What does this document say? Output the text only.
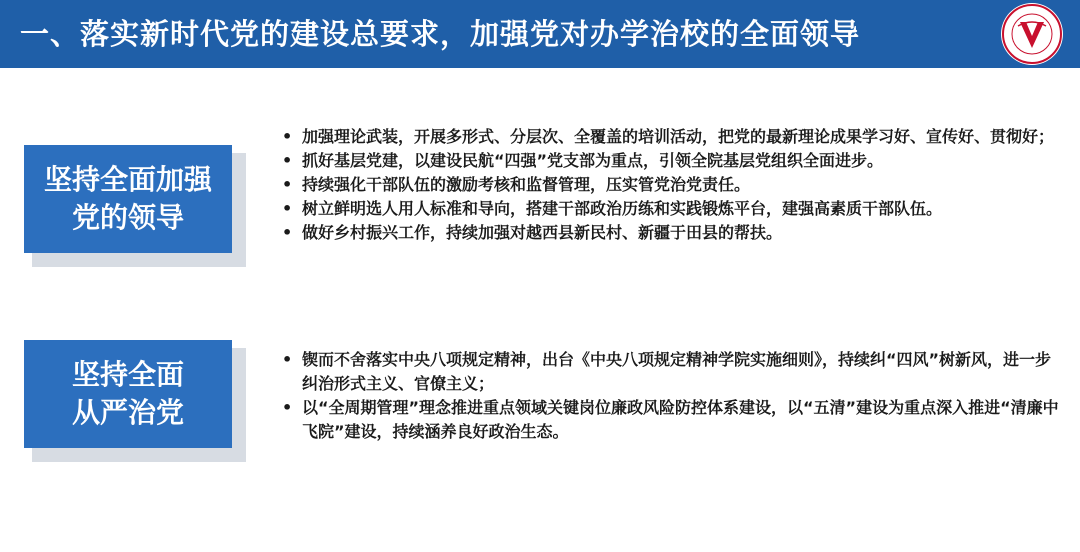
一、落实新时代党的建设总要求，加强党对办学治校的全面领导
坚持全面加强
党的领导
• 加强理论武装，开展多形式、分层次、全覆盖的培训活动，把党的最新理论成果学习好、宣传好、贯彻好；
• 抓好基层党建，以建设民航“四强”党支部为重点，引领全院基层党组织全面进步。
• 持续强化干部队伍的激励考核和监督管理，压实管党治党责任。
• 树立鲜明选人用人标准和导向，搭建干部政治历练和实践锻炼平台，建强高素质干部队伍。
• 做好乡村振兴工作，持续加强对越西县新民村、新疆于田县的帮扶。
坚持全面
从严治党
• 锲而不舍落实中央八项规定精神，出台《中央八项规定精神学院实施细则》，持续纠“四风”树新风，进一步纠治形式主义、官僚主义；
• 以“全周期管理”理念推进重点领域关键岗位廉政风险防控体系建设，以“五清”建设为重点深入推进“清廉中飞院”建设，持续涵养良好政治生态。
